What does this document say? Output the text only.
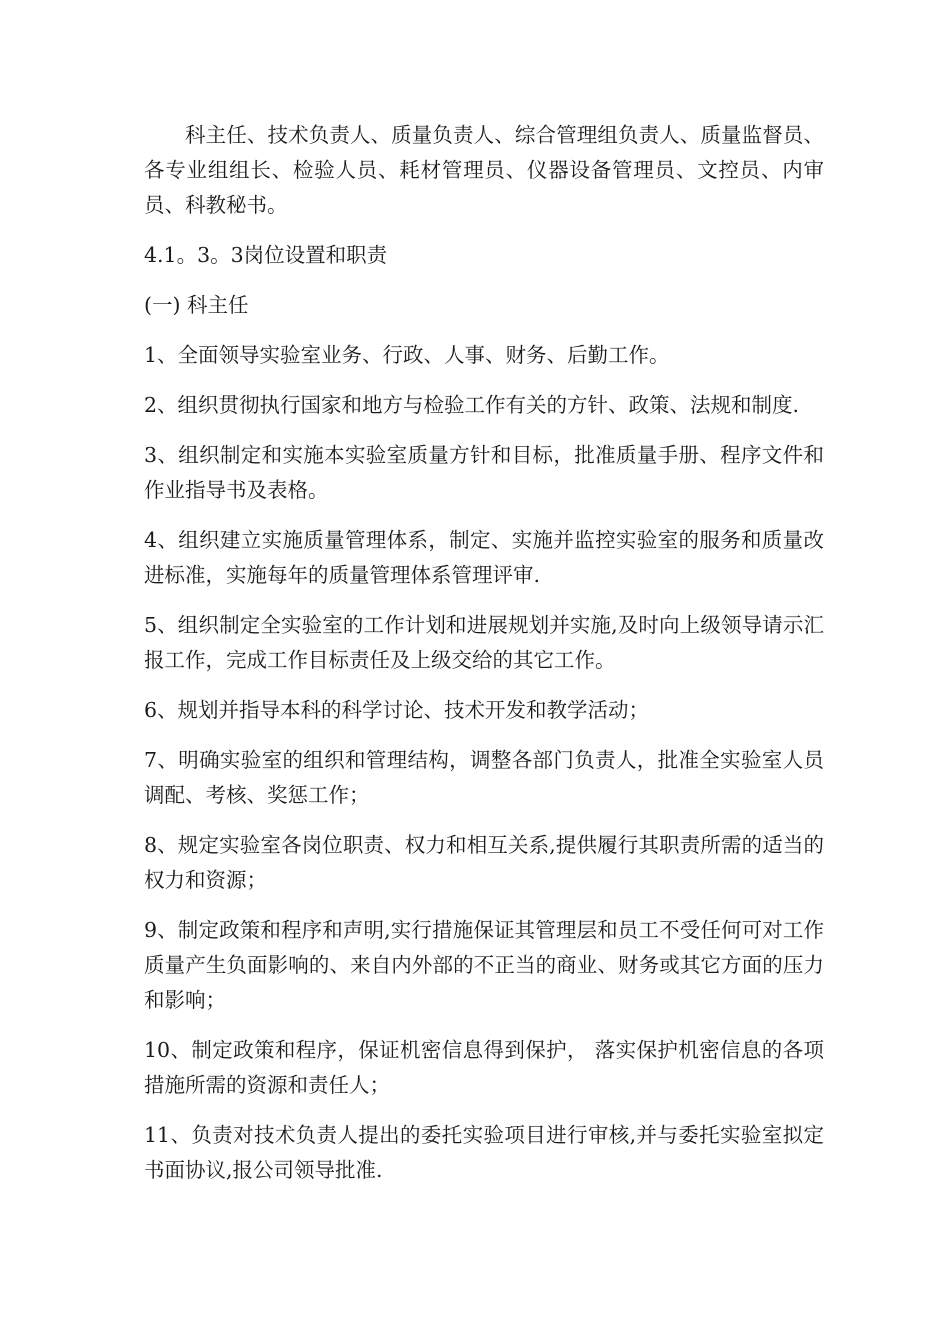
科主任、技术负责人、质量负责人、综合管理组负责人、质量监督员、各专业组组长、检验人员、耗材管理员、仪器设备管理员、文控员、内审员、科教秘书。

4.1。3。3岗位设置和职责

(一) 科主任

1、全面领导实验室业务、行政、人事、财务、后勤工作。

2、组织贯彻执行国家和地方与检验工作有关的方针、政策、法规和制度.

3、组织制定和实施本实验室质量方针和目标，批准质量手册、程序文件和作业指导书及表格。

4、组织建立实施质量管理体系，制定、实施并监控实验室的服务和质量改进标准，实施每年的质量管理体系管理评审.

5、组织制定全实验室的工作计划和进展规划并实施,及时向上级领导请示汇报工作，完成工作目标责任及上级交给的其它工作。

6、规划并指导本科的科学讨论、技术开发和教学活动；

7、明确实验室的组织和管理结构，调整各部门负责人，批准全实验室人员调配、考核、奖惩工作；

8、规定实验室各岗位职责、权力和相互关系,提供履行其职责所需的适当的权力和资源；

9、制定政策和程序和声明,实行措施保证其管理层和员工不受任何可对工作质量产生负面影响的、来自内外部的不正当的商业、财务或其它方面的压力和影响；

10、制定政策和程序，保证机密信息得到保护， 落实保护机密信息的各项措施所需的资源和责任人；

11、负责对技术负责人提出的委托实验项目进行审核,并与委托实验室拟定书面协议,报公司领导批准.
